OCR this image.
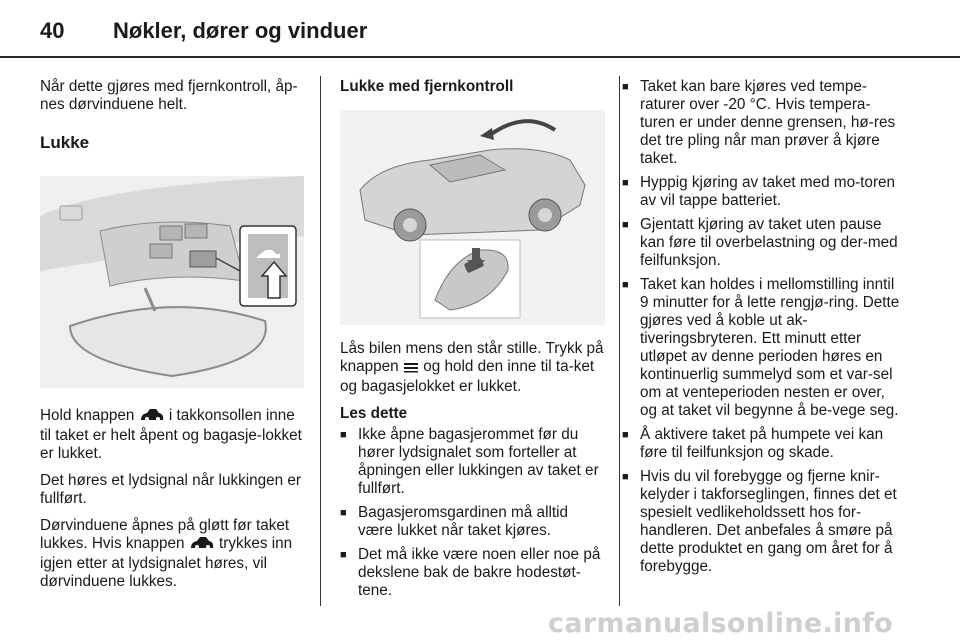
40 Nøkler, dører og vinduer

Når dette gjøres med fjernkontroll, åp-nes dørvinduene helt.

Lukke

Hold knappen i takkonsollen inne til taket er helt åpent og bagasje-lokket er lukket.

Det høres et lydsignal når lukkingen er fullført.

Dørvinduene åpnes på gløtt før taket lukkes. Hvis knappen trykkes inn igjen etter at lydsignalet høres, vil dørvinduene lukkes.

Lukke med fjernkontroll

Lås bilen mens den står stille. Trykk på knappen og hold den inne til ta-ket og bagasjelokket er lukket.

Les dette
■ Ikke åpne bagasjerommet før du hører lydsignalet som forteller at åpningen eller lukkingen av taket er fullført.
■ Bagasjeromsgardinen må alltid være lukket når taket kjøres.
■ Det må ikke være noen eller noe på dekslene bak de bakre hodestøt-tene.
■ Taket kan bare kjøres ved tempe-raturer over -20 °C. Hvis tempera-turen er under denne grensen, hø-res det tre pling når man prøver å kjøre taket.
■ Hyppig kjøring av taket med mo-toren av vil tappe batteriet.
■ Gjentatt kjøring av taket uten pause kan føre til overbelastning og der-med feilfunksjon.
■ Taket kan holdes i mellomstilling inntil 9 minutter for å lette rengjø-ring. Dette gjøres ved å koble ut ak-tiveringsbryteren. Ett minutt etter utløpet av denne perioden høres en kontinuerlig summelyd som et var-sel om at venteperioden nesten er over, og at taket vil begynne å be-vege seg.
■ Å aktivere taket på humpete vei kan føre til feilfunksjon og skade.
■ Hvis du vil forebygge og fjerne knir-kelyder i takforseglingen, finnes det et spesielt vedlikeholdssett hos for-handleren. Det anbefales å smøre på dette produktet en gang om året for å forebygge.
carmanualsonline.info
